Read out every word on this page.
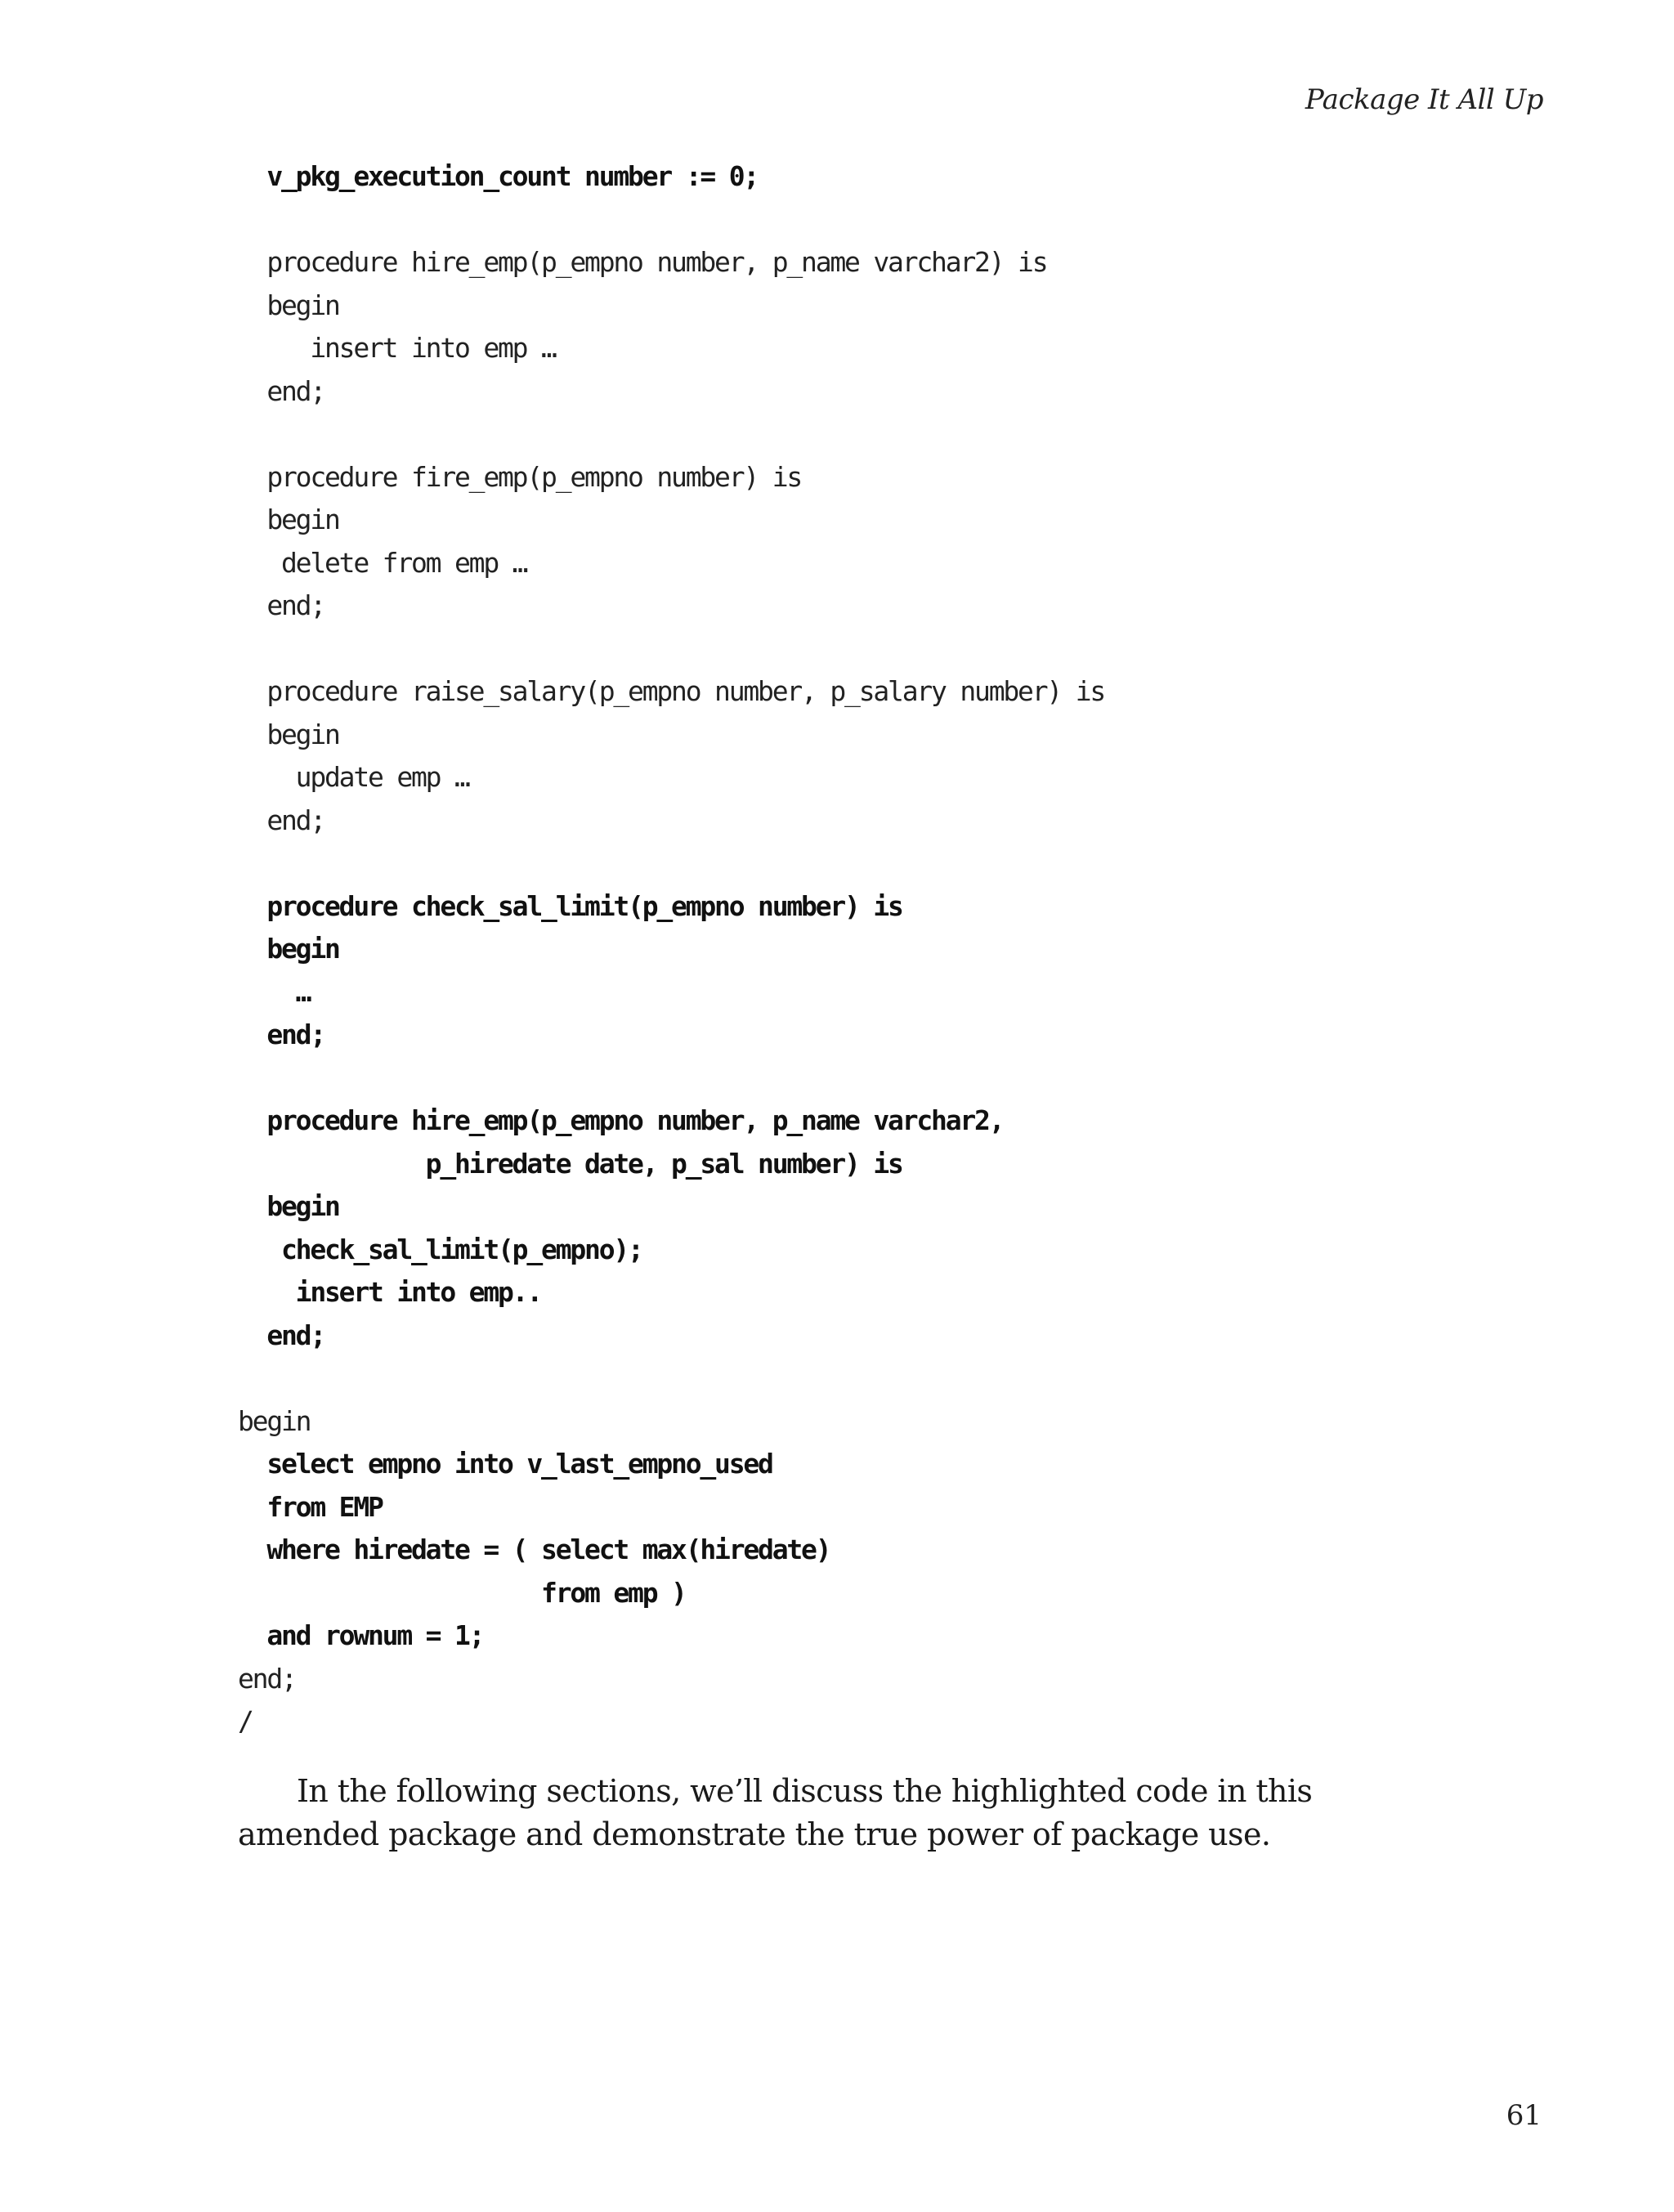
Package It All Up
v_pkg_execution_count number := 0;
procedure hire_emp(p_empno number, p_name varchar2) is
begin
insert into emp …
end;
procedure fire_emp(p_empno number) is
begin
delete from emp …
end;
procedure raise_salary(p_empno number, p_salary number) is
begin
update emp …
end;
procedure check_sal_limit(p_empno number) is
begin
…
end;
procedure hire_emp(p_empno number, p_name varchar2,
p_hiredate date, p_sal number) is
begin
check_sal_limit(p_empno);
insert into emp..
end;
begin
select empno into v_last_empno_used
from EMP
where hiredate = ( select max(hiredate)
from emp )
and rownum = 1;
end;
/

In the following sections, we’ll discuss the highlighted code in this amended package and demonstrate the true power of package use.

61
